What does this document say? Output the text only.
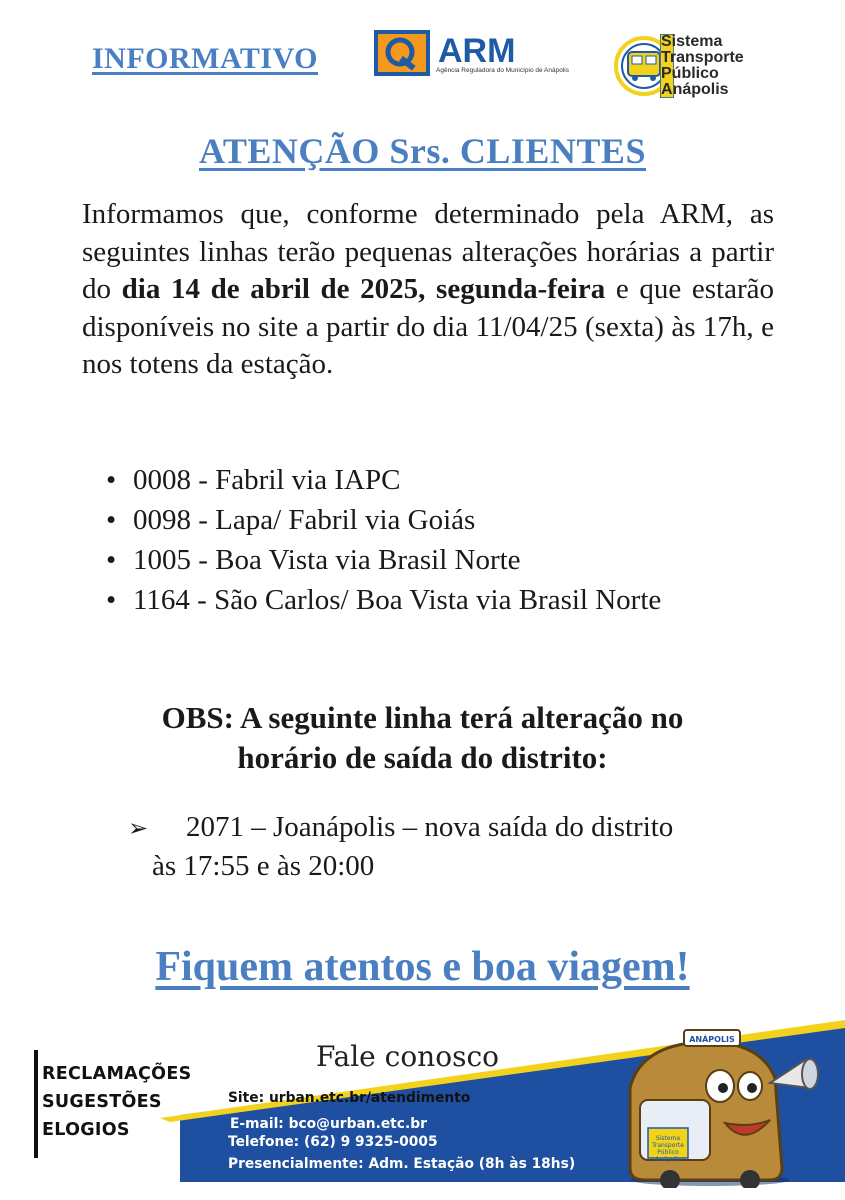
INFORMATIVO	ARM
Agência Reguladora do Município de Anápolis
Sistema
Transporte
Público
Anápolis
ATENÇÃO Srs. CLIENTES
Informamos que, conforme determinado pela ARM, as seguintes linhas terão pequenas alterações horárias a partir do dia 14 de abril de 2025, segunda-feira e que estarão disponíveis no site a partir do dia 11/04/25 (sexta) às 17h, e nos totens da estação.
• 0008 - Fabril via IAPC
• 0098 - Lapa/ Fabril via Goiás
• 1005 - Boa Vista via Brasil Norte
• 1164 - São Carlos/ Boa Vista via Brasil Norte
OBS: A seguinte linha terá alteração no
horário de saída do distrito:
➢ 2071 – Joanápolis – nova saída do distrito
às 17:55 e às 20:00
Fiquem atentos e boa viagem!
ANÁPOLIS
Sistema
Transporte
Público
Anápolis
RECLAMAÇÕES
SUGESTÕES
ELOGIOS
Fale conosco
Site: urban.etc.br/atendimento
E-mail: bco@urban.etc.br
Telefone: (62) 9 9325-0005
Presencialmente: Adm. Estação (8h às 18hs)
